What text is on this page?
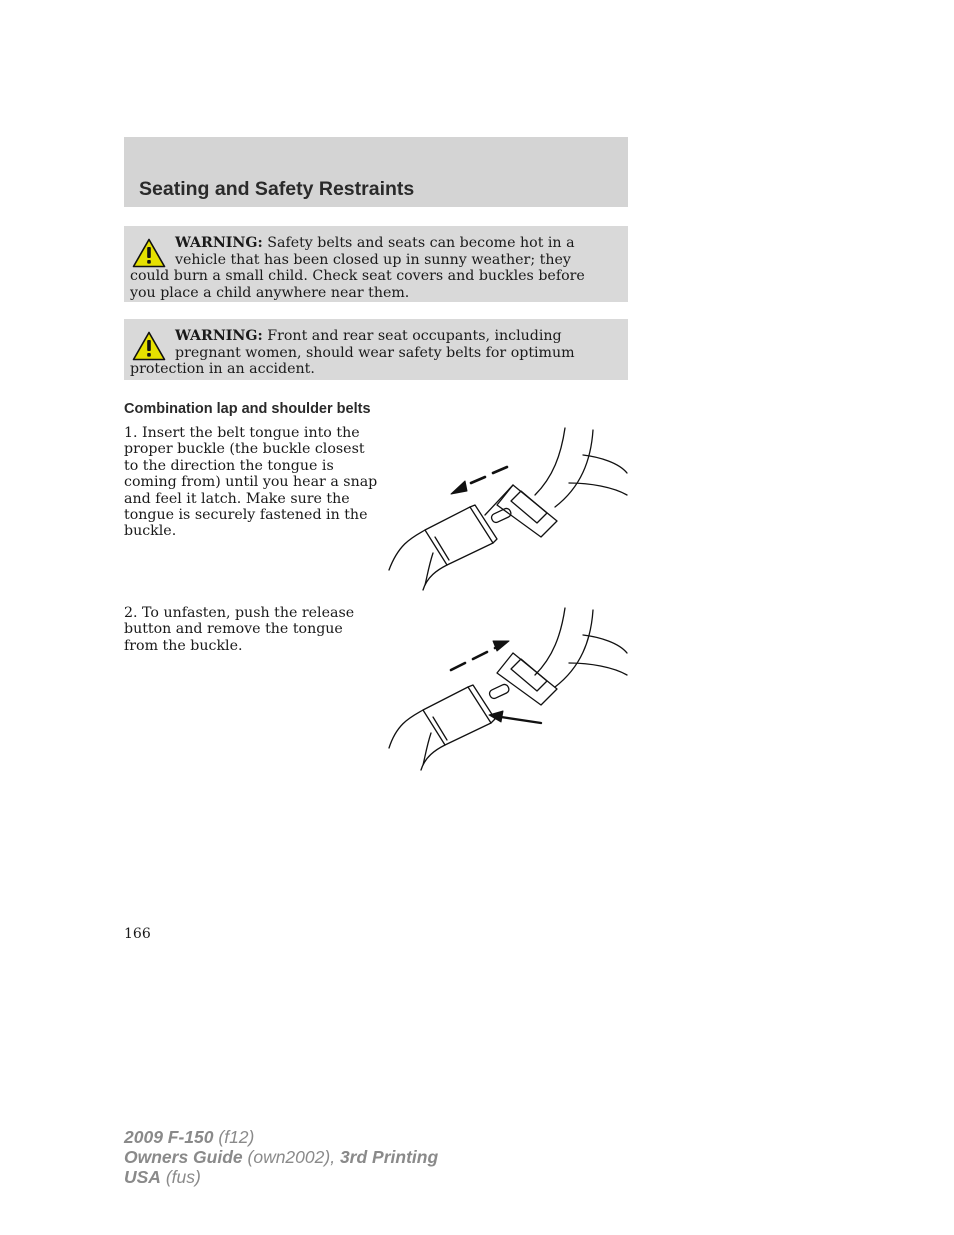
Seating and Safety Restraints
WARNING: Safety belts and seats can become hot in a vehicle that has been closed up in sunny weather; they could burn a small child. Check seat covers and buckles before you place a child anywhere near them.
WARNING: Front and rear seat occupants, including pregnant women, should wear safety belts for optimum protection in an accident.
Combination lap and shoulder belts

1. Insert the belt tongue into the proper buckle (the buckle closest to the direction the tongue is coming from) until you hear a snap and feel it latch. Make sure the tongue is securely fastened in the buckle.

2. To unfasten, push the release button and remove the tongue from the buckle.

166
2009 F-150 (f12)
Owners Guide (own2002), 3rd Printing
USA (fus)
